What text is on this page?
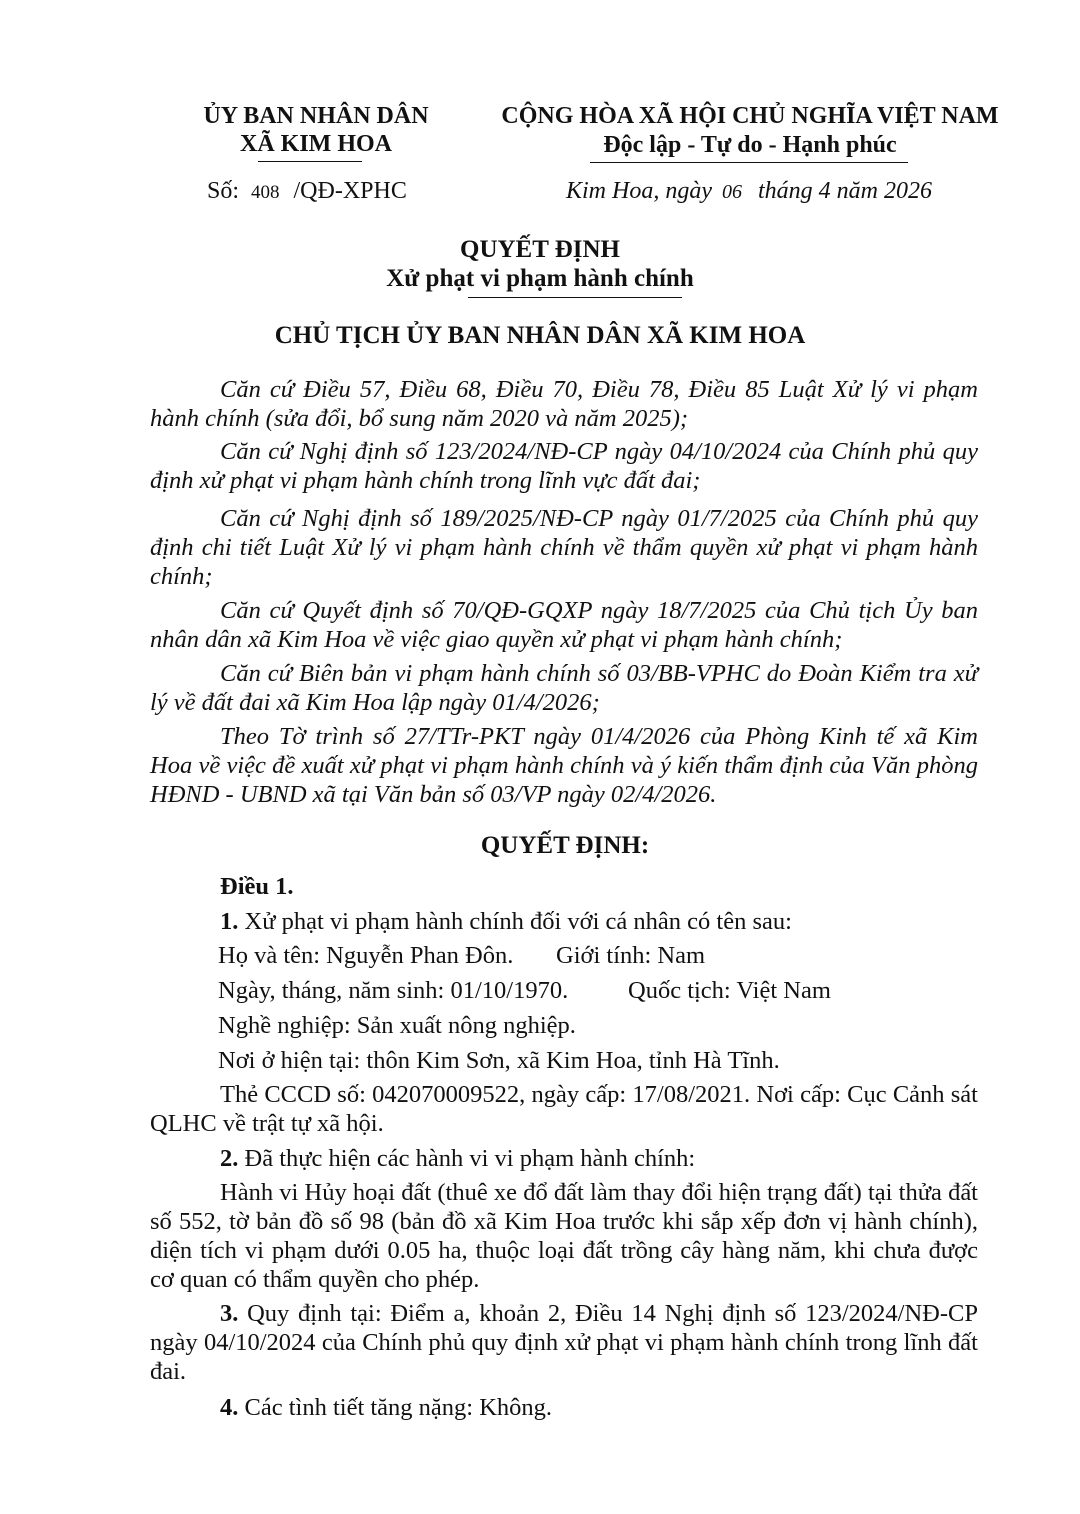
ỦY BAN NHÂN DÂN
XÃ KIM HOA
CỘNG HÒA XÃ HỘI CHỦ NGHĨA VIỆT NAM
Độc lập - Tự do - Hạnh phúc
Số: 408 /QĐ-XPHC	Kim Hoa, ngày 06 tháng 4 năm 2026
QUYẾT ĐỊNH
Xử phạt vi phạm hành chính
CHỦ TỊCH ỦY BAN NHÂN DÂN XÃ KIM HOA
Căn cứ Điều 57, Điều 68, Điều 70, Điều 78, Điều 85 Luật Xử lý vi phạm hành chính (sửa đổi, bổ sung năm 2020 và năm 2025);
Căn cứ Nghị định số 123/2024/NĐ-CP ngày 04/10/2024 của Chính phủ quy định xử phạt vi phạm hành chính trong lĩnh vực đất đai;
Căn cứ Nghị định số 189/2025/NĐ-CP ngày 01/7/2025 của Chính phủ quy định chi tiết Luật Xử lý vi phạm hành chính về thẩm quyền xử phạt vi phạm hành chính;
Căn cứ Quyết định số 70/QĐ-GQXP ngày 18/7/2025 của Chủ tịch Ủy ban nhân dân xã Kim Hoa về việc giao quyền xử phạt vi phạm hành chính;
Căn cứ Biên bản vi phạm hành chính số 03/BB-VPHC do Đoàn Kiểm tra xử lý về đất đai xã Kim Hoa lập ngày 01/4/2026;
Theo Tờ trình số 27/TTr-PKT ngày 01/4/2026 của Phòng Kinh tế xã Kim Hoa về việc đề xuất xử phạt vi phạm hành chính và ý kiến thẩm định của Văn phòng HĐND - UBND xã tại Văn bản số 03/VP ngày 02/4/2026.
QUYẾT ĐỊNH:
Điều 1.
1. Xử phạt vi phạm hành chính đối với cá nhân có tên sau:
Họ và tên: Nguyễn Phan Đôn. Giới tính: Nam
Ngày, tháng, năm sinh: 01/10/1970. Quốc tịch: Việt Nam
Nghề nghiệp: Sản xuất nông nghiệp.
Nơi ở hiện tại: thôn Kim Sơn, xã Kim Hoa, tỉnh Hà Tĩnh.
Thẻ CCCD số: 042070009522, ngày cấp: 17/08/2021. Nơi cấp: Cục Cảnh sát QLHC về trật tự xã hội.
2. Đã thực hiện các hành vi vi phạm hành chính:
Hành vi Hủy hoại đất (thuê xe đổ đất làm thay đổi hiện trạng đất) tại thửa đất số 552, tờ bản đồ số 98 (bản đồ xã Kim Hoa trước khi sắp xếp đơn vị hành chính), diện tích vi phạm dưới 0.05 ha, thuộc loại đất trồng cây hàng năm, khi chưa được cơ quan có thẩm quyền cho phép.
3. Quy định tại: Điểm a, khoản 2, Điều 14 Nghị định số 123/2024/NĐ-CP ngày 04/10/2024 của Chính phủ quy định xử phạt vi phạm hành chính trong lĩnh đất đai.
4. Các tình tiết tăng nặng: Không.
